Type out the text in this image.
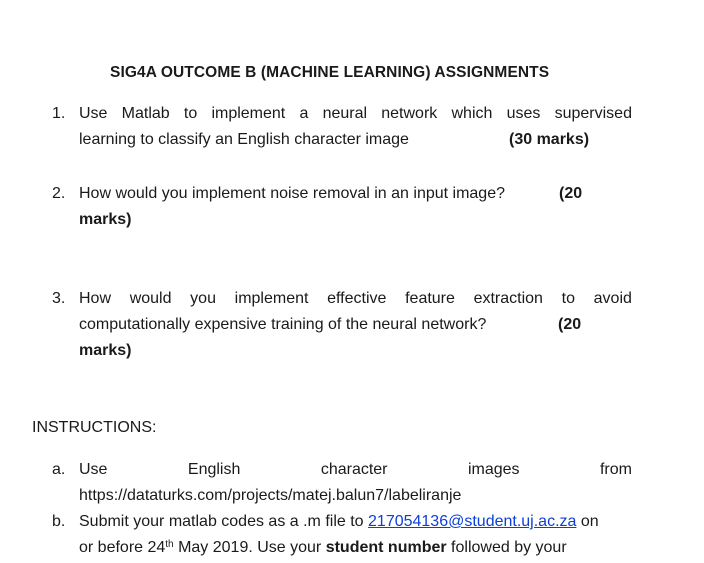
SIG4A OUTCOME B (MACHINE LEARNING) ASSIGNMENTS
1. Use Matlab to implement a neural network which uses supervised
learning to classify an English character image	(30 marks)
2. How would you implement noise removal in an input image?	(20
marks)
3. How would you implement effective feature extraction to avoid
computationally expensive training of the neural network?	(20
marks)
INSTRUCTIONS:
a. Use	English	character	images	from
https://dataturks.com/projects/matej.balun7/labeliranje
b. Submit your matlab codes as a .m file to 217054136@student.uj.ac.za on
or before 24th May 2019. Use your student number followed by your
